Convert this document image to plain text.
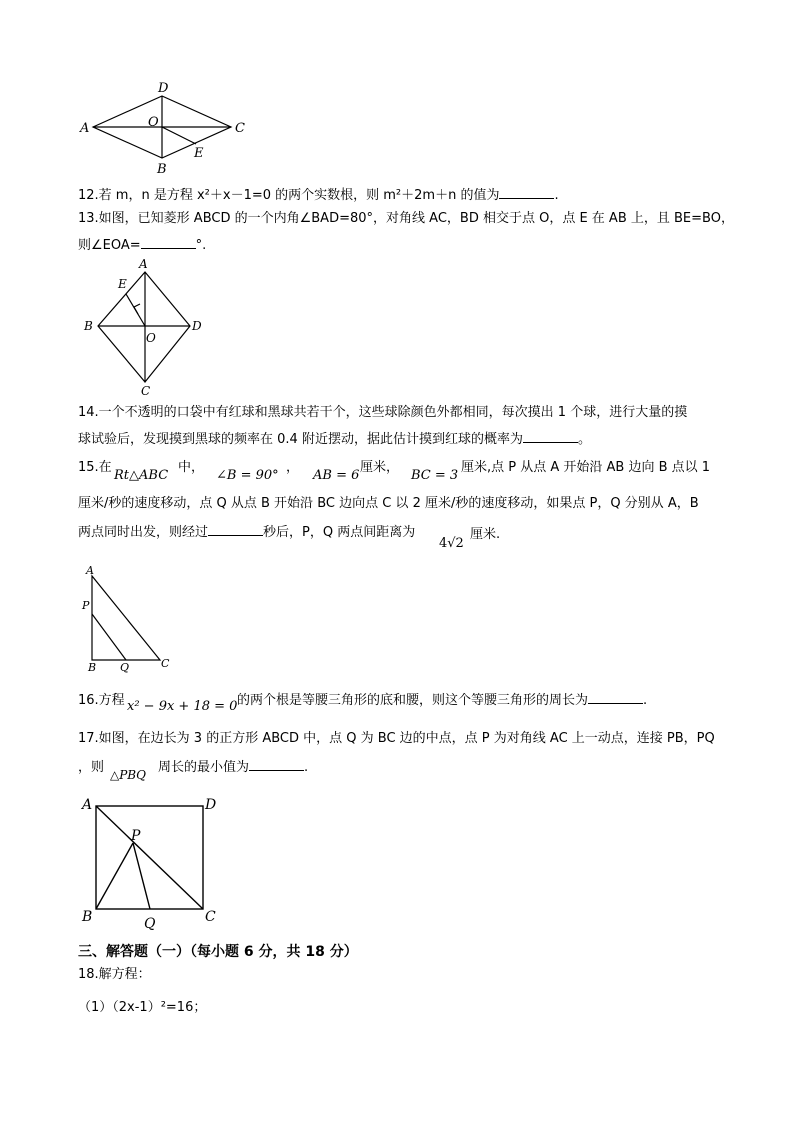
A
B
C
D
O
E
12.若 m，n 是方程 x²＋x－1=0 的两个实数根，则 m²＋2m＋n 的值为	.
13.如图，已知菱形 ABCD 的一个内角∠BAD=80°，对角线 AC，BD 相交于点 O，点 E 在 AB 上，且 BE=BO，
则∠EOA=	°.
A
B
C
D
E
O
14.一个不透明的口袋中有红球和黑球共若干个，这些球除颜色外都相同，每次摸出 1 个球，进行大量的摸
球试验后，发现摸到黑球的频率在 0.4 附近摆动，据此估计摸到红球的概率为	。
15.在
Rt△ABC
中，
∠B = 90°
，
AB = 6
厘米，
BC = 3
厘米,点 P 从点 A 开始沿 AB 边向 B 点以 1
厘米/秒的速度移动，点 Q 从点 B 开始沿 BC 边向点 C 以 2 厘米/秒的速度移动，如果点 P，Q 分别从 A，B
两点同时出发，则经过	秒后，P，Q 两点间距离为
4√2
厘米.
A
P
B Q	C
16.方程 x² − 9x + 18 = 0 的两个根是等腰三角形的底和腰，则这个等腰三角形的周长为	.
17.如图，在边长为 3 的正方形 ABCD 中，点 Q 为 BC 边的中点，点 P 为对角线 AC 上一动点，连接 PB，PQ
，则 △PBQ 周长的最小值为	.
A	D
P
B	Q	C
三、解答题（一）（每小题 6 分，共 18 分）
18.解方程：
（1）（2x-1）²=16；
